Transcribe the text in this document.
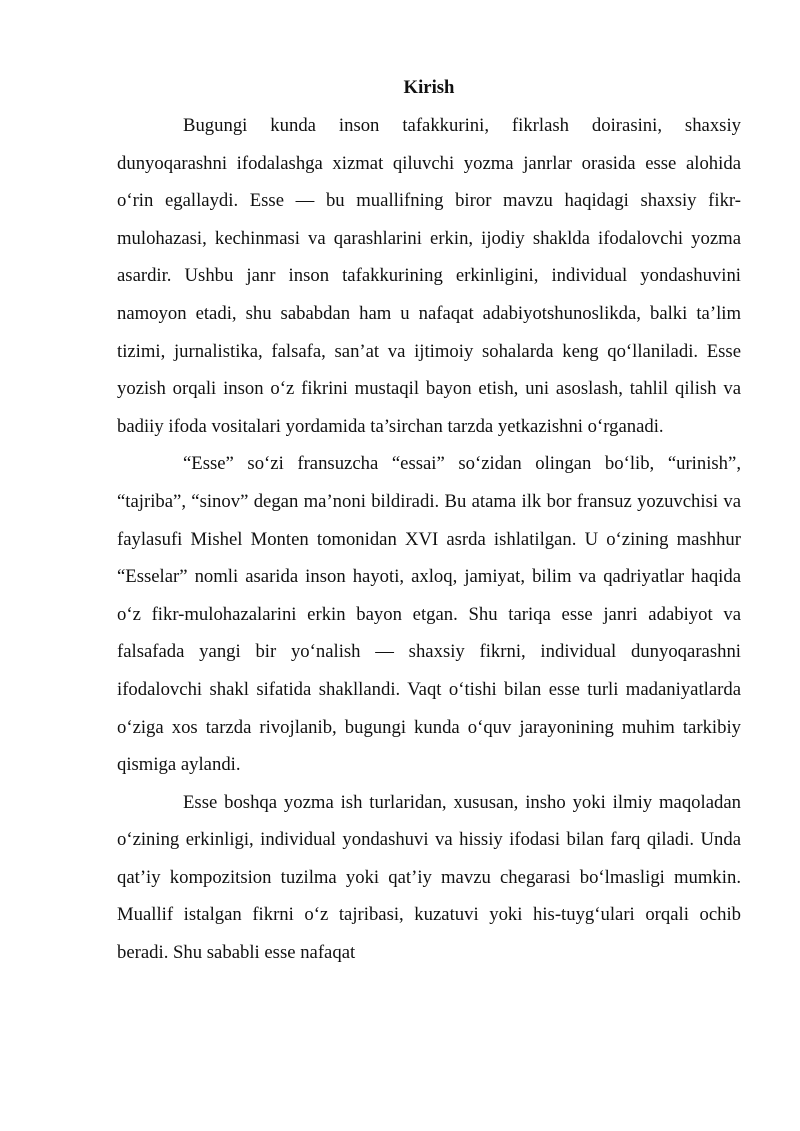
Kirish

Bugungi kunda inson tafakkurini, fikrlash doirasini, shaxsiy dunyoqarashni ifodalashga xizmat qiluvchi yozma janrlar orasida esse alohida o‘rin egallaydi. Esse — bu muallifning biror mavzu haqidagi shaxsiy fikr-mulohazasi, kechinmasi va qarashlarini erkin, ijodiy shaklda ifodalovchi yozma asardir. Ushbu janr inson tafakkurining erkinligini, individual yondashuvini namoyon etadi, shu sababdan ham u nafaqat adabiyotshunoslikda, balki ta’lim tizimi, jurnalistika, falsafa, san’at va ijtimoiy sohalarda keng qo‘llaniladi. Esse yozish orqali inson o‘z fikrini mustaqil bayon etish, uni asoslash, tahlil qilish va badiiy ifoda vositalari yordamida ta’sirchan tarzda yetkazishni o‘rganadi.

“Esse” so‘zi fransuzcha “essai” so‘zidan olingan bo‘lib, “urinish”, “tajriba”, “sinov” degan ma’noni bildiradi. Bu atama ilk bor fransuz yozuvchisi va faylasufi Mishel Monten tomonidan XVI asrda ishlatilgan. U o‘zining mashhur “Esselar” nomli asarida inson hayoti, axloq, jamiyat, bilim va qadriyatlar haqida o‘z fikr-mulohazalarini erkin bayon etgan. Shu tariqa esse janri adabiyot va falsafada yangi bir yo‘nalish — shaxsiy fikrni, individual dunyoqarashni ifodalovchi shakl sifatida shakllandi. Vaqt o‘tishi bilan esse turli madaniyatlarda o‘ziga xos tarzda rivojlanib, bugungi kunda o‘quv jarayonining muhim tarkibiy qismiga aylandi.

Esse boshqa yozma ish turlaridan, xususan, insho yoki ilmiy maqoladan o‘zining erkinligi, individual yondashuvi va hissiy ifodasi bilan farq qiladi. Unda qat’iy kompozitsion tuzilma yoki qat’iy mavzu chegarasi bo‘lmasligi mumkin. Muallif istalgan fikrni o‘z tajribasi, kuzatuvi yoki his-tuyg‘ulari orqali ochib beradi. Shu sababli esse nafaqat
